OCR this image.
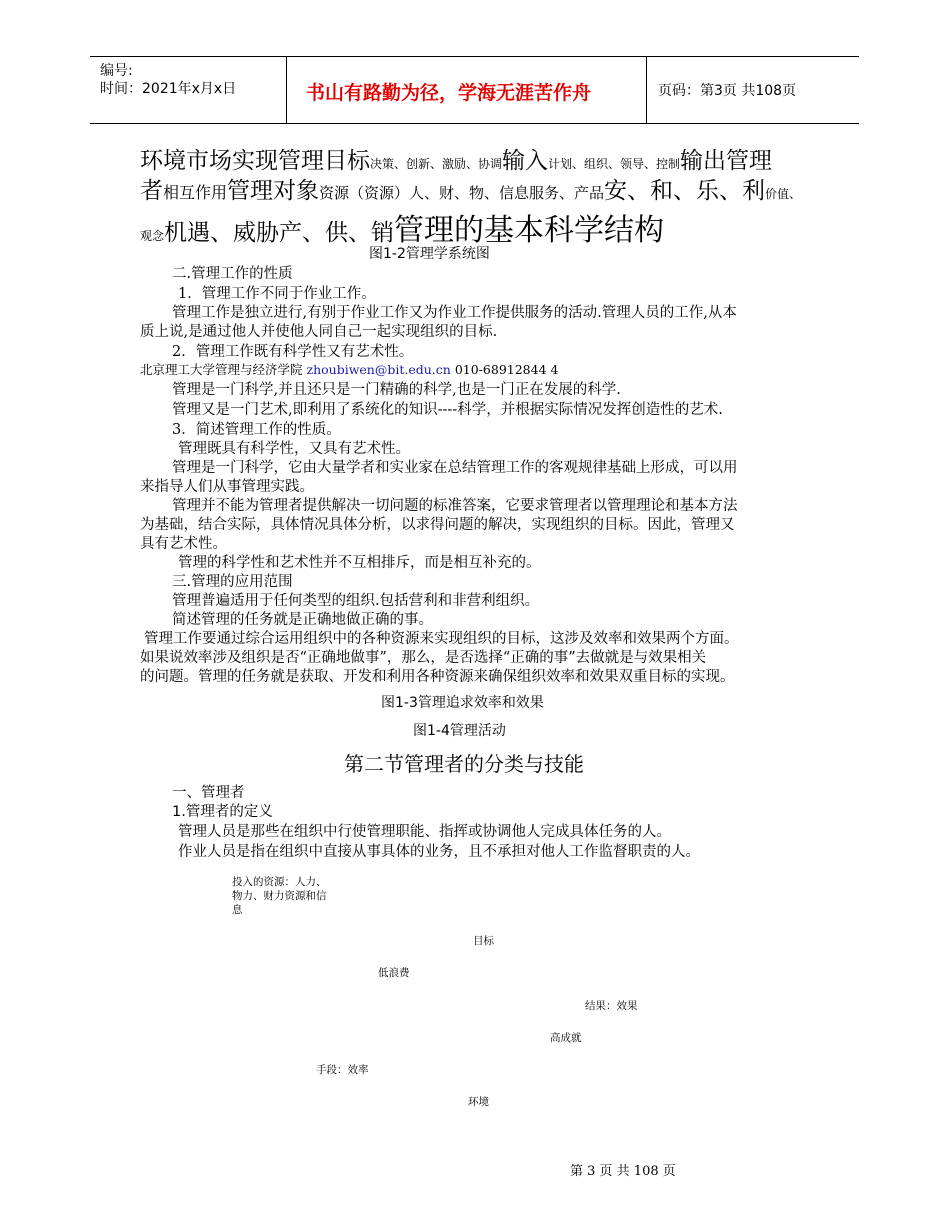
编号:
时间：2021年x月x日	书山有路勤为径，学海无涯苦作舟	页码：第3页 共108页
环境市场实现管理目标决策、创新、激励、协调输入计划、组织、领导、控制输出管理
者相互作用管理对象资源（资源）人、财、物、信息服务、产品安、和、乐、利价值、
观念机遇、威胁产、供、销管理的基本科学结构
图1-2管理学系统图
二.管理工作的性质
1．管理工作不同于作业工作。
管理工作是独立进行,有别于作业工作又为作业工作提供服务的活动.管理人员的工作,从本
质上说,是通过他人并使他人同自己一起实现组织的目标.
2．管理工作既有科学性又有艺术性。
北京理工大学管理与经济学院 zhoubiwen@bit.edu.cn 010-68912844 4
管理是一门科学,并且还只是一门精确的科学,也是一门正在发展的科学.
管理又是一门艺术,即利用了系统化的知识----科学，并根据实际情况发挥创造性的艺术.
3．简述管理工作的性质。
管理既具有科学性，又具有艺术性。
管理是一门科学，它由大量学者和实业家在总结管理工作的客观规律基础上形成，可以用
来指导人们从事管理实践。
管理并不能为管理者提供解决一切问题的标准答案，它要求管理者以管理理论和基本方法
为基础，结合实际，具体情况具体分析，以求得问题的解决，实现组织的目标。因此，管理又
具有艺术性。
管理的科学性和艺术性并不互相排斥，而是相互补充的。
三.管理的应用范围
管理普遍适用于任何类型的组织.包括营利和非营利组织。
简述管理的任务就是正确地做正确的事。
管理工作要通过综合运用组织中的各种资源来实现组织的目标，这涉及效率和效果两个方面。
如果说效率涉及组织是否“正确地做事”，那么，是否选择“正确的事”去做就是与效果相关
的问题。管理的任务就是获取、开发和利用各种资源来确保组织效率和效果双重目标的实现。
图1-3管理追求效率和效果
图1-4管理活动
第二节管理者的分类与技能
一、管理者
1.管理者的定义
管理人员是那些在组织中行使管理职能、指挥或协调他人完成具体任务的人。
作业人员是指在组织中直接从事具体的业务，且不承担对他人工作监督职责的人。
投入的资源：人力、
物力、财力资源和信
息
目标
低浪费
结果：效果
高成就
手段：效率
环境
第 3 页 共 108 页
